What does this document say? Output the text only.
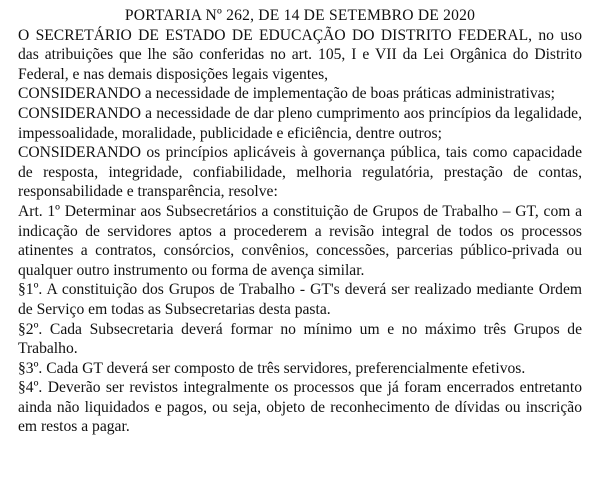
PORTARIA Nº 262, DE 14 DE SETEMBRO DE 2020

O SECRETÁRIO DE ESTADO DE EDUCAÇÃO DO DISTRITO FEDERAL, no uso das atribuições que lhe são conferidas no art. 105, I e VII da Lei Orgânica do Distrito Federal, e nas demais disposições legais vigentes,

CONSIDERANDO a necessidade de implementação de boas práticas administrativas;

CONSIDERANDO a necessidade de dar pleno cumprimento aos princípios da legalidade, impessoalidade, moralidade, publicidade e eficiência, dentre outros;

CONSIDERANDO os princípios aplicáveis à governança pública, tais como capacidade de resposta, integridade, confiabilidade, melhoria regulatória, prestação de contas, responsabilidade e transparência, resolve:

Art. 1º Determinar aos Subsecretários a constituição de Grupos de Trabalho – GT, com a indicação de servidores aptos a procederem a revisão integral de todos os processos atinentes a contratos, consórcios, convênios, concessões, parcerias público-privada ou qualquer outro instrumento ou forma de avença similar.

§1º. A constituição dos Grupos de Trabalho - GT's deverá ser realizado mediante Ordem de Serviço em todas as Subsecretarias desta pasta.

§2º. Cada Subsecretaria deverá formar no mínimo um e no máximo três Grupos de Trabalho.

§3º. Cada GT deverá ser composto de três servidores, preferencialmente efetivos.

§4º. Deverão ser revistos integralmente os processos que já foram encerrados entretanto ainda não liquidados e pagos, ou seja, objeto de reconhecimento de dívidas ou inscrição em restos a pagar.
